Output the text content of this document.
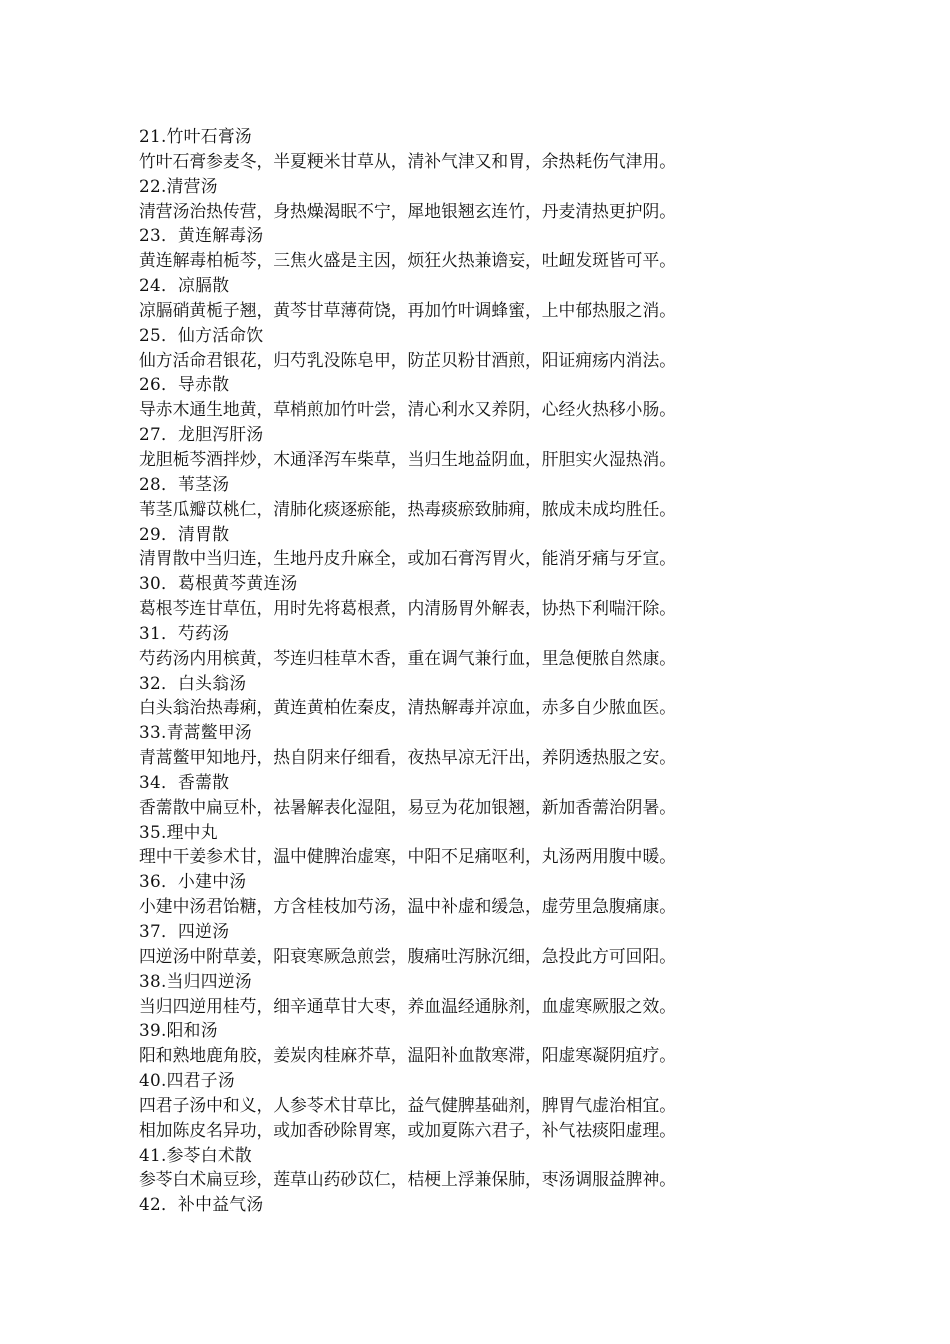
21.竹叶石膏汤
竹叶石膏参麦冬，半夏粳米甘草从，清补气津又和胃，余热耗伤气津用。
22.清营汤
清营汤治热传营，身热燥渴眠不宁，犀地银翘玄连竹，丹麦清热更护阴。
23．黄连解毒汤
黄连解毒柏栀芩，三焦火盛是主因，烦狂火热兼谵妄，吐衄发斑皆可平。
24．凉膈散
凉膈硝黄栀子翘，黄芩甘草薄荷饶，再加竹叶调蜂蜜，上中郁热服之消。
25．仙方活命饮
仙方活命君银花，归芍乳没陈皂甲，防芷贝粉甘酒煎，阳证痈疡内消法。
26．导赤散
导赤木通生地黄，草梢煎加竹叶尝，清心利水又养阴，心经火热移小肠。
27．龙胆泻肝汤
龙胆栀芩酒拌炒，木通泽泻车柴草，当归生地益阴血，肝胆实火湿热消。
28．苇茎汤
苇茎瓜瓣苡桃仁，清肺化痰逐瘀能，热毒痰瘀致肺痈，脓成未成均胜任。
29．清胃散
清胃散中当归连，生地丹皮升麻全，或加石膏泻胃火，能消牙痛与牙宣。
30．葛根黄芩黄连汤
葛根芩连甘草伍，用时先将葛根煮，内清肠胃外解表，协热下利喘汗除。
31．芍药汤
芍药汤内用槟黄，芩连归桂草木香，重在调气兼行血，里急便脓自然康。
32．白头翁汤
白头翁治热毒痢，黄连黄柏佐秦皮，清热解毒并凉血，赤多自少脓血医。
33.青蒿鳖甲汤
青蒿鳖甲知地丹，热自阴来仔细看，夜热早凉无汗出，养阴透热服之安。
34．香薷散
香薷散中扁豆朴，祛暑解表化湿阻，易豆为花加银翘，新加香薷治阴暑。
35.理中丸
理中干姜参术甘，温中健脾治虚寒，中阳不足痛呕利，丸汤两用腹中暖。
36．小建中汤
小建中汤君饴糖，方含桂枝加芍汤，温中补虚和缓急，虚劳里急腹痛康。
37．四逆汤
四逆汤中附草姜，阳衰寒厥急煎尝，腹痛吐泻脉沉细，急投此方可回阳。
38.当归四逆汤
当归四逆用桂芍，细辛通草甘大枣，养血温经通脉剂，血虚寒厥服之效。
39.阳和汤
阳和熟地鹿角胶，姜炭肉桂麻芥草，温阳补血散寒滞，阳虚寒凝阴疽疗。
40.四君子汤
四君子汤中和义，人参苓术甘草比，益气健脾基础剂，脾胃气虚治相宜。
相加陈皮名异功，或加香砂除胃寒，或加夏陈六君子，补气祛痰阳虚理。
41.参苓白术散
参苓白术扁豆珍，莲草山药砂苡仁，桔梗上浮兼保肺，枣汤调服益脾神。
42．补中益气汤
